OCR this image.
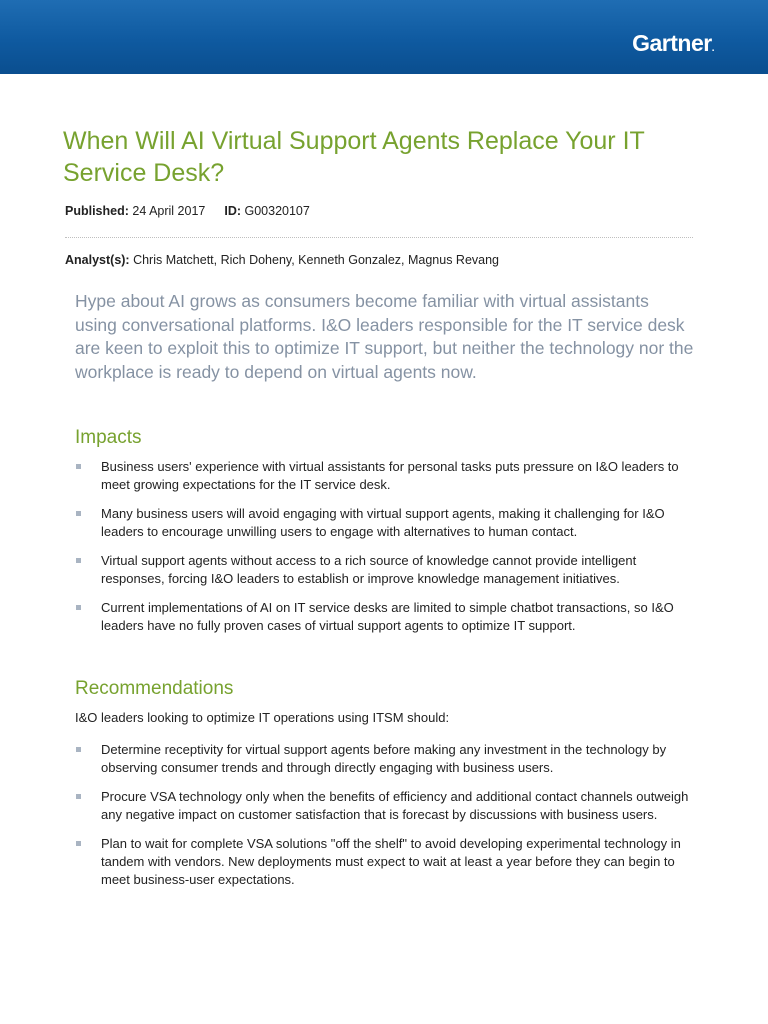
Gartner.
When Will AI Virtual Support Agents Replace Your IT Service Desk?
Published: 24 April 2017 ID: G00320107
Analyst(s): Chris Matchett, Rich Doheny, Kenneth Gonzalez, Magnus Revang

Hype about AI grows as consumers become familiar with virtual assistants using conversational platforms. I&O leaders responsible for the IT service desk are keen to exploit this to optimize IT support, but neither the technology nor the workplace is ready to depend on virtual agents now.

Impacts
Business users' experience with virtual assistants for personal tasks puts pressure on I&O leaders to meet growing expectations for the IT service desk.
Many business users will avoid engaging with virtual support agents, making it challenging for I&O leaders to encourage unwilling users to engage with alternatives to human contact.
Virtual support agents without access to a rich source of knowledge cannot provide intelligent responses, forcing I&O leaders to establish or improve knowledge management initiatives.
Current implementations of AI on IT service desks are limited to simple chatbot transactions, so I&O leaders have no fully proven cases of virtual support agents to optimize IT support.
Recommendations
I&O leaders looking to optimize IT operations using ITSM should:
Determine receptivity for virtual support agents before making any investment in the technology by observing consumer trends and through directly engaging with business users.
Procure VSA technology only when the benefits of efficiency and additional contact channels outweigh any negative impact on customer satisfaction that is forecast by discussions with business users.
Plan to wait for complete VSA solutions "off the shelf" to avoid developing experimental technology in tandem with vendors. New deployments must expect to wait at least a year before they can begin to meet business-user expectations.
